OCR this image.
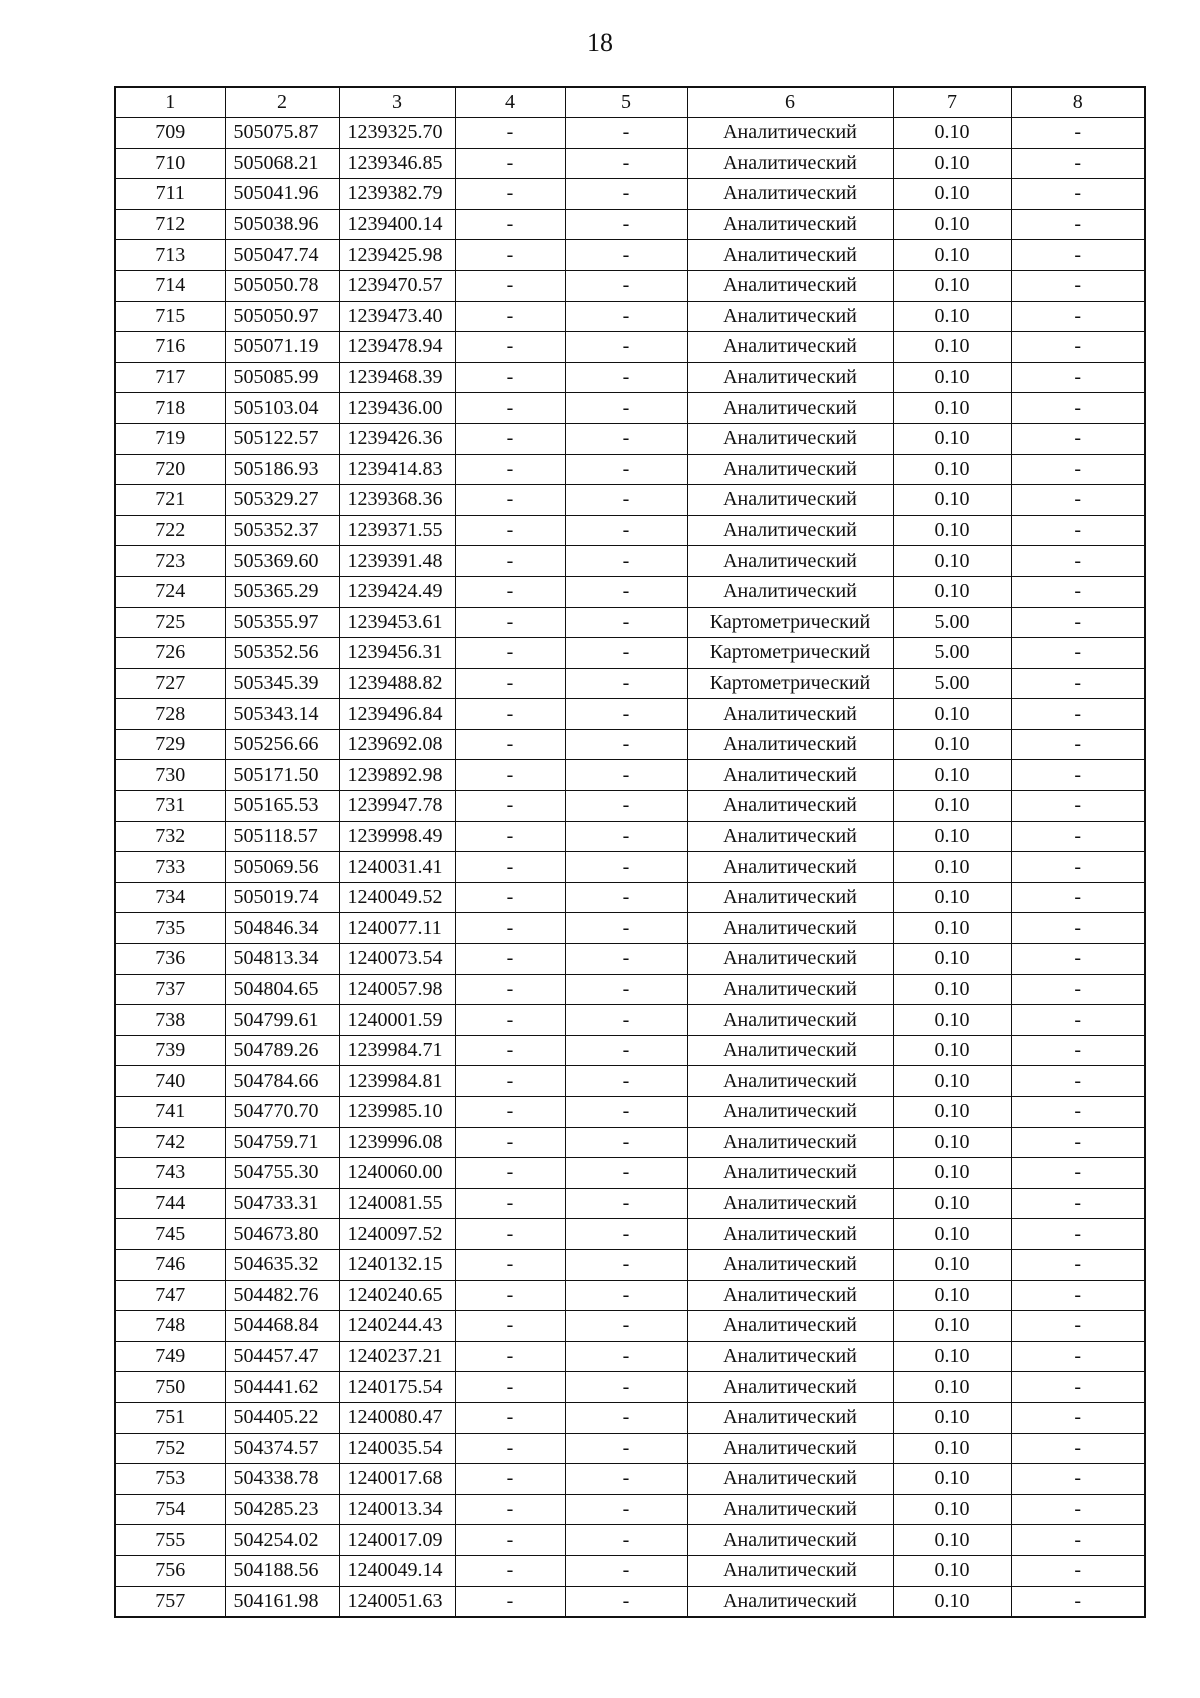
18
1	2	3	4	5	6	7	8
709	505075.87	1239325.70	-	-	Аналитический	0.10	-
710	505068.21	1239346.85	-	-	Аналитический	0.10	-
711	505041.96	1239382.79	-	-	Аналитический	0.10	-
712	505038.96	1239400.14	-	-	Аналитический	0.10	-
713	505047.74	1239425.98	-	-	Аналитический	0.10	-
714	505050.78	1239470.57	-	-	Аналитический	0.10	-
715	505050.97	1239473.40	-	-	Аналитический	0.10	-
716	505071.19	1239478.94	-	-	Аналитический	0.10	-
717	505085.99	1239468.39	-	-	Аналитический	0.10	-
718	505103.04	1239436.00	-	-	Аналитический	0.10	-
719	505122.57	1239426.36	-	-	Аналитический	0.10	-
720	505186.93	1239414.83	-	-	Аналитический	0.10	-
721	505329.27	1239368.36	-	-	Аналитический	0.10	-
722	505352.37	1239371.55	-	-	Аналитический	0.10	-
723	505369.60	1239391.48	-	-	Аналитический	0.10	-
724	505365.29	1239424.49	-	-	Аналитический	0.10	-
725	505355.97	1239453.61	-	-	Картометрический	5.00	-
726	505352.56	1239456.31	-	-	Картометрический	5.00	-
727	505345.39	1239488.82	-	-	Картометрический	5.00	-
728	505343.14	1239496.84	-	-	Аналитический	0.10	-
729	505256.66	1239692.08	-	-	Аналитический	0.10	-
730	505171.50	1239892.98	-	-	Аналитический	0.10	-
731	505165.53	1239947.78	-	-	Аналитический	0.10	-
732	505118.57	1239998.49	-	-	Аналитический	0.10	-
733	505069.56	1240031.41	-	-	Аналитический	0.10	-
734	505019.74	1240049.52	-	-	Аналитический	0.10	-
735	504846.34	1240077.11	-	-	Аналитический	0.10	-
736	504813.34	1240073.54	-	-	Аналитический	0.10	-
737	504804.65	1240057.98	-	-	Аналитический	0.10	-
738	504799.61	1240001.59	-	-	Аналитический	0.10	-
739	504789.26	1239984.71	-	-	Аналитический	0.10	-
740	504784.66	1239984.81	-	-	Аналитический	0.10	-
741	504770.70	1239985.10	-	-	Аналитический	0.10	-
742	504759.71	1239996.08	-	-	Аналитический	0.10	-
743	504755.30	1240060.00	-	-	Аналитический	0.10	-
744	504733.31	1240081.55	-	-	Аналитический	0.10	-
745	504673.80	1240097.52	-	-	Аналитический	0.10	-
746	504635.32	1240132.15	-	-	Аналитический	0.10	-
747	504482.76	1240240.65	-	-	Аналитический	0.10	-
748	504468.84	1240244.43	-	-	Аналитический	0.10	-
749	504457.47	1240237.21	-	-	Аналитический	0.10	-
750	504441.62	1240175.54	-	-	Аналитический	0.10	-
751	504405.22	1240080.47	-	-	Аналитический	0.10	-
752	504374.57	1240035.54	-	-	Аналитический	0.10	-
753	504338.78	1240017.68	-	-	Аналитический	0.10	-
754	504285.23	1240013.34	-	-	Аналитический	0.10	-
755	504254.02	1240017.09	-	-	Аналитический	0.10	-
756	504188.56	1240049.14	-	-	Аналитический	0.10	-
757	504161.98	1240051.63	-	-	Аналитический	0.10	-
